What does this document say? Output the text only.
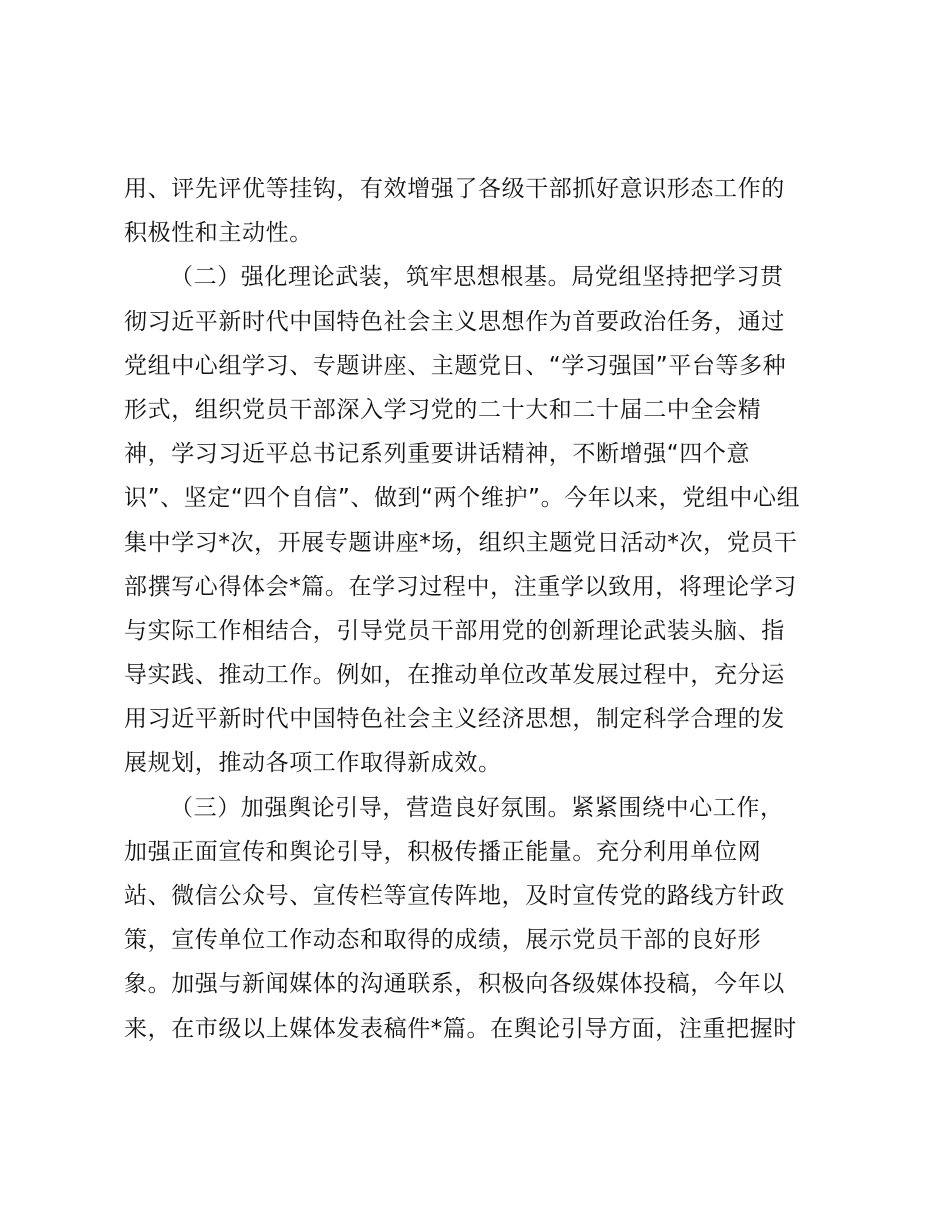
用、评先评优等挂钩，有效增强了各级干部抓好意识形态工作的
积极性和主动性。
（二）强化理论武装，筑牢思想根基。局党组坚持把学习贯
彻习近平新时代中国特色社会主义思想作为首要政治任务，通过
党组中心组学习、专题讲座、主题党日、“学习强国”平台等多种
形式，组织党员干部深入学习党的二十大和二十届二中全会精
神，学习习近平总书记系列重要讲话精神，不断增强“四个意
识”、坚定“四个自信”、做到“两个维护”。今年以来，党组中心组
集中学习*次，开展专题讲座*场，组织主题党日活动*次，党员干
部撰写心得体会*篇。在学习过程中，注重学以致用，将理论学习
与实际工作相结合，引导党员干部用党的创新理论武装头脑、指
导实践、推动工作。例如，在推动单位改革发展过程中，充分运
用习近平新时代中国特色社会主义经济思想，制定科学合理的发
展规划，推动各项工作取得新成效。
（三）加强舆论引导，营造良好氛围。紧紧围绕中心工作，
加强正面宣传和舆论引导，积极传播正能量。充分利用单位网
站、微信公众号、宣传栏等宣传阵地，及时宣传党的路线方针政
策，宣传单位工作动态和取得的成绩，展示党员干部的良好形
象。加强与新闻媒体的沟通联系，积极向各级媒体投稿，今年以
来，在市级以上媒体发表稿件*篇。在舆论引导方面，注重把握时
